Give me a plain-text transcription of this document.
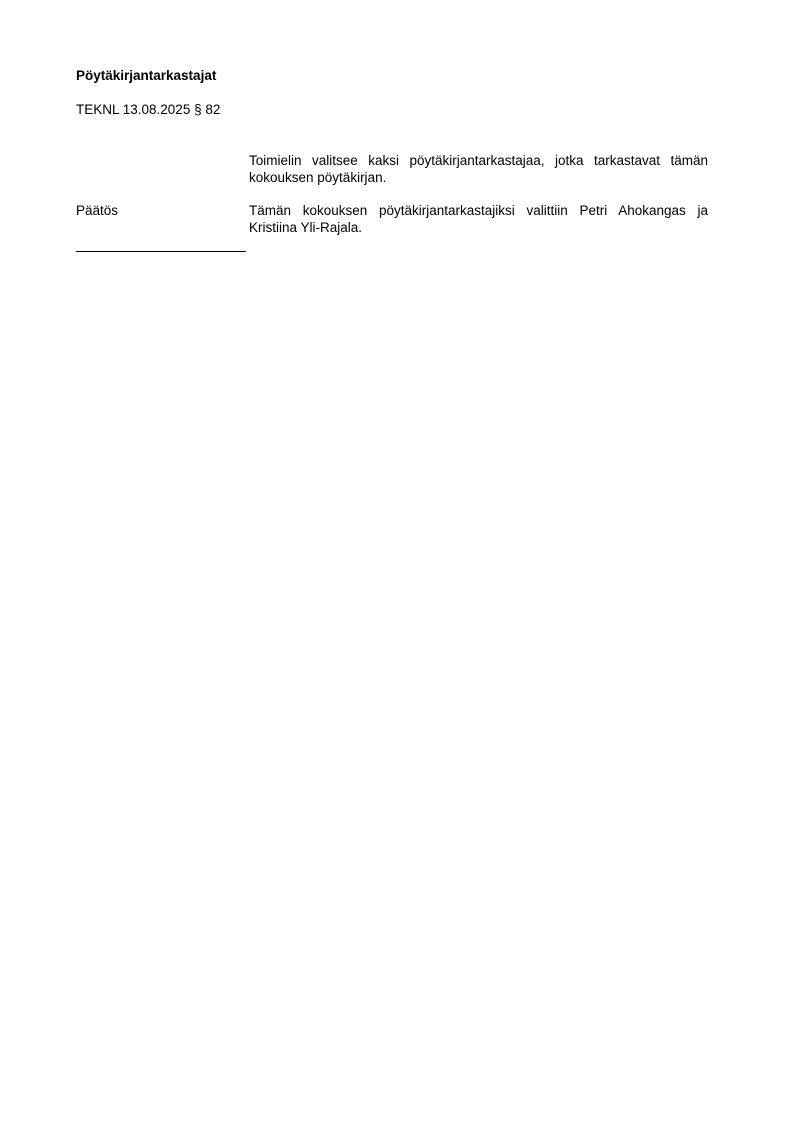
Pöytäkirjantarkastajat
TEKNL 13.08.2025 § 82
Toimielin valitsee kaksi pöytäkirjantarkastajaa, jotka tarkastavat tämän kokouksen pöytäkirjan.
Päätös	Tämän kokouksen pöytäkirjantarkastajiksi valittiin Petri Ahokangas ja Kristiina Yli-Rajala.
